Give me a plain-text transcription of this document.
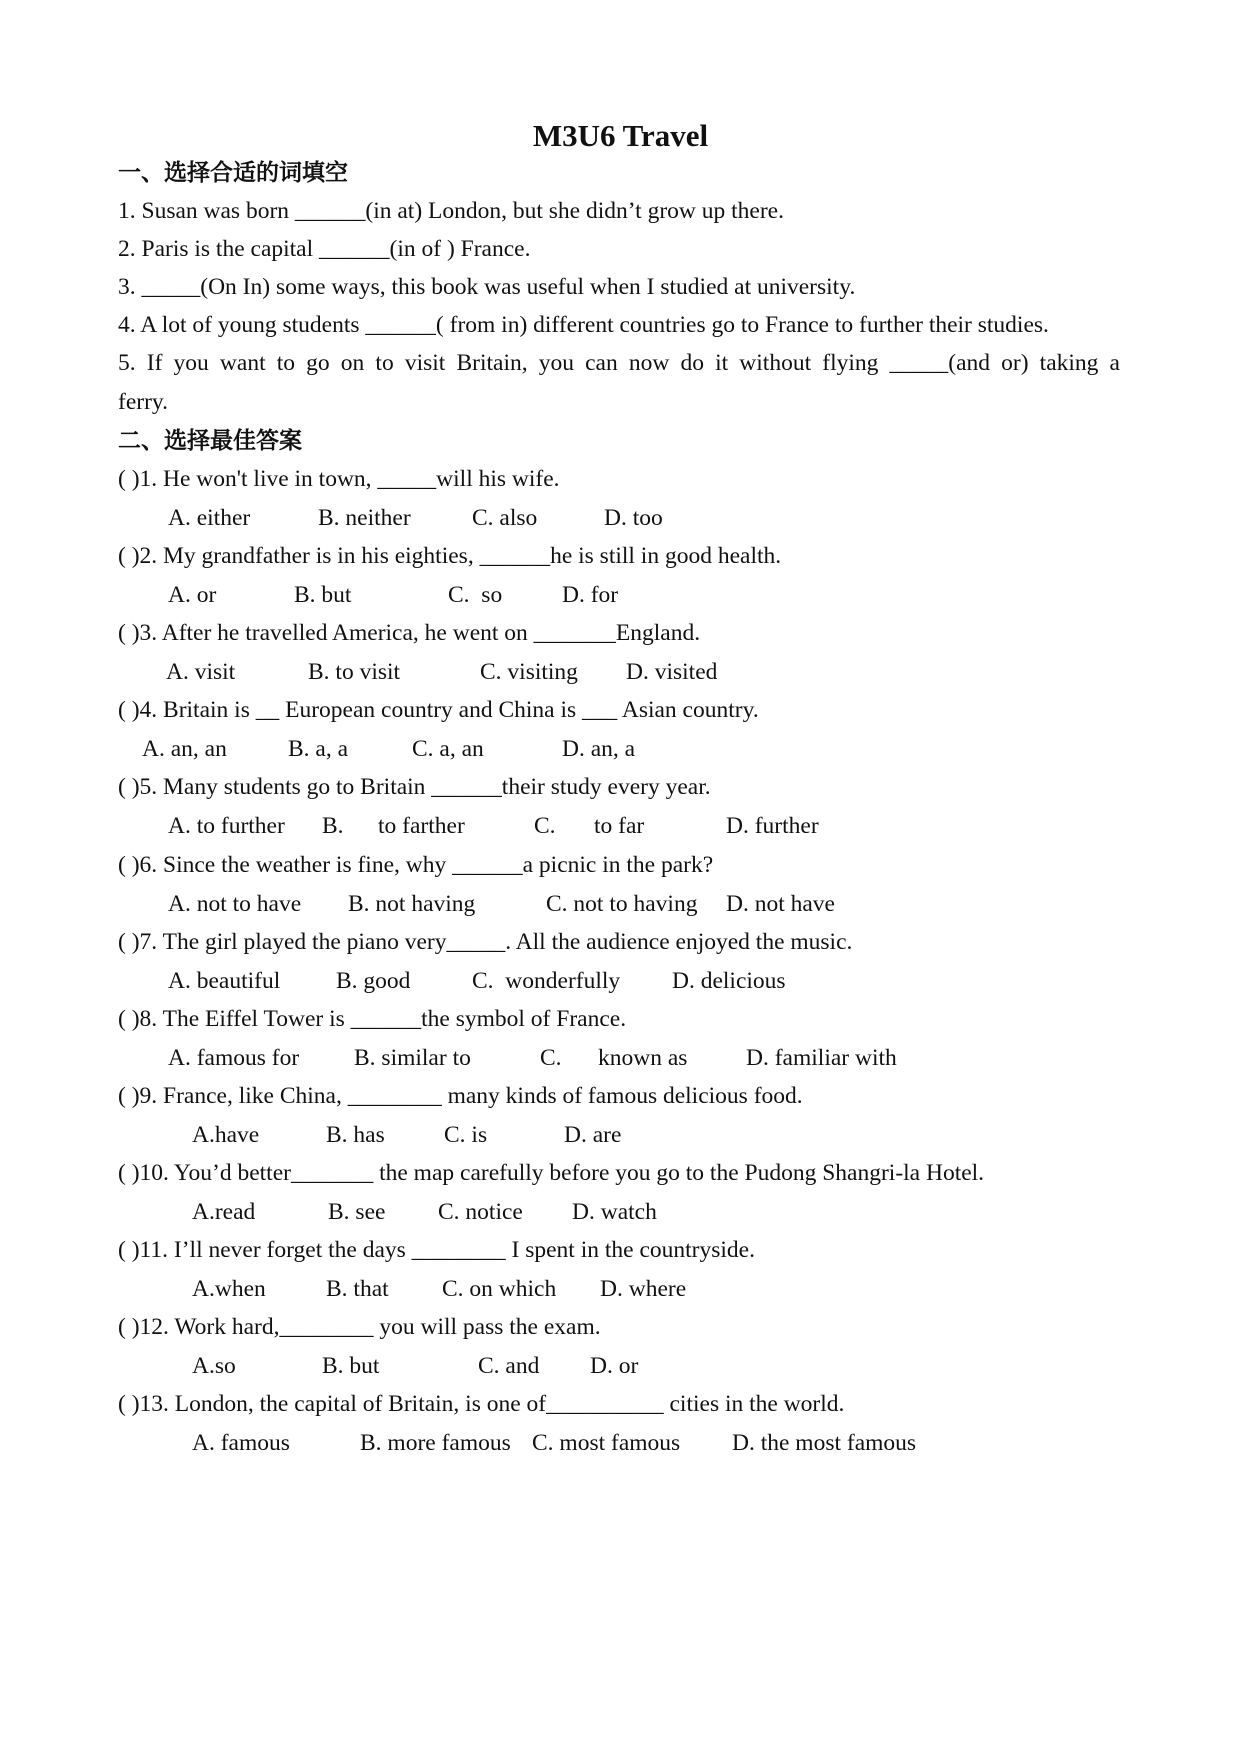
M3U6 Travel
一、选择合适的词填空
1. Susan was born ______(in at) London, but she didn’t grow up there.
2. Paris is the capital ______(in of ) France.
3. _____(On In) some ways, this book was useful when I studied at university.
4. A lot of young students ______( from in) different countries go to France to further their studies.
5. If you want to go on to visit Britain, you can now do it without flying _____(and or) taking a
ferry.
二、选择最佳答案
( )1. He won't live in town, _____will his wife.
A. either	B. neither	C. also	D. too
( )2. My grandfather is in his eighties, ______he is still in good health.
A. or	B. but	C.  so	D. for
( )3. After he travelled America, he went on _______England.
A. visit	B. to visit	C. visiting D. visited
( )4. Britain is __ European country and China is ___ Asian country.
A. an, an	B. a, a	C. a, an	D. an, a
( )5. Many students go to Britain ______their study every year.
A. to further B. to farther	C. to far	D. further
( )6. Since the weather is fine, why ______a picnic in the park?
A. not to have B. not having	C. not to having D. not have
( )7. The girl played the piano very_____. All the audience enjoyed the music.
A. beautiful B. good	C.  wonderfully D. delicious
( )8. The Eiffel Tower is ______the symbol of France.
A. famous for B. similar to	C. known as D. familiar with
( )9. France, like China, ________ many kinds of famous delicious food.
A.have	B. has	C. is	D. are
( )10. You’d better_______ the map carefully before you go to the Pudong Shangri-la Hotel.
A.read	B. see C. notice D. watch
( )11. I’ll never forget the days ________ I spent in the countryside.
A.when	B. that C. on which D. where
( )12. Work hard,________ you will pass the exam.
A.so	B. but	C. and D. or
( )13. London, the capital of Britain, is one of__________ cities in the world.
A. famous	B. more famous C. most famous D. the most famous
